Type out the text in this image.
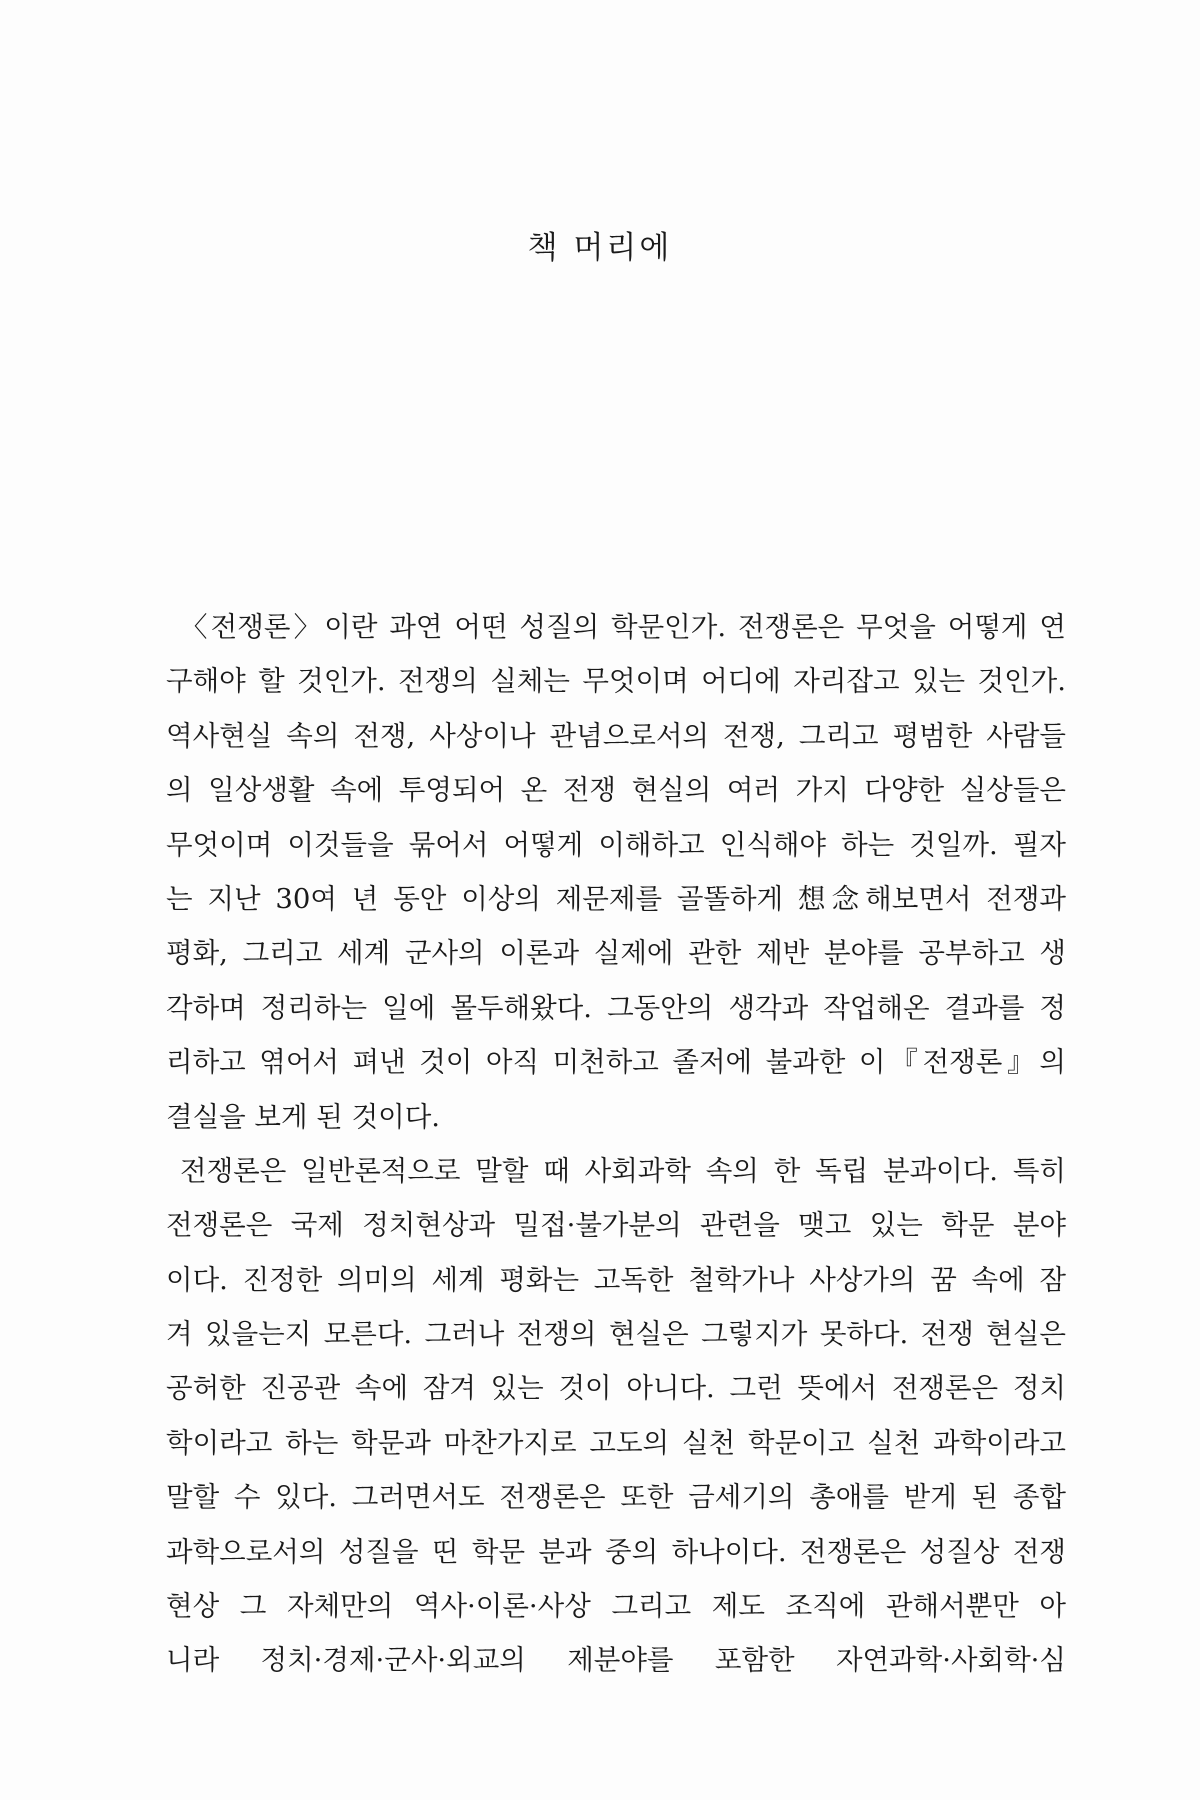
책 머리에
〈전쟁론〉이란 과연 어떤 성질의 학문인가. 전쟁론은 무엇을 어떻게 연
구해야 할 것인가. 전쟁의 실체는 무엇이며 어디에 자리잡고 있는 것인가.
역사현실 속의 전쟁, 사상이나 관념으로서의 전쟁, 그리고 평범한 사람들
의 일상생활 속에 투영되어 온 전쟁 현실의 여러 가지 다양한 실상들은
무엇이며 이것들을 묶어서 어떻게 이해하고 인식해야 하는 것일까. 필자
는 지난 30여 년 동안 이상의 제문제를 골똘하게 想念해보면서 전쟁과
평화, 그리고 세계 군사의 이론과 실제에 관한 제반 분야를 공부하고 생
각하며 정리하는 일에 몰두해왔다. 그동안의 생각과 작업해온 결과를 정
리하고 엮어서 펴낸 것이 아직 미천하고 졸저에 불과한 이『전쟁론』의
결실을 보게 된 것이다.
전쟁론은 일반론적으로 말할 때 사회과학 속의 한 독립 분과이다. 특히
전쟁론은 국제 정치현상과 밀접·불가분의 관련을 맺고 있는 학문 분야
이다. 진정한 의미의 세계 평화는 고독한 철학가나 사상가의 꿈 속에 잠
겨 있을는지 모른다. 그러나 전쟁의 현실은 그렇지가 못하다. 전쟁 현실은
공허한 진공관 속에 잠겨 있는 것이 아니다. 그런 뜻에서 전쟁론은 정치
학이라고 하는 학문과 마찬가지로 고도의 실천 학문이고 실천 과학이라고
말할 수 있다. 그러면서도 전쟁론은 또한 금세기의 총애를 받게 된 종합
과학으로서의 성질을 띤 학문 분과 중의 하나이다. 전쟁론은 성질상 전쟁
현상 그 자체만의 역사·이론·사상 그리고 제도 조직에 관해서뿐만 아
니라 정치·경제·군사·외교의 제분야를 포함한 자연과학·사회학·심
